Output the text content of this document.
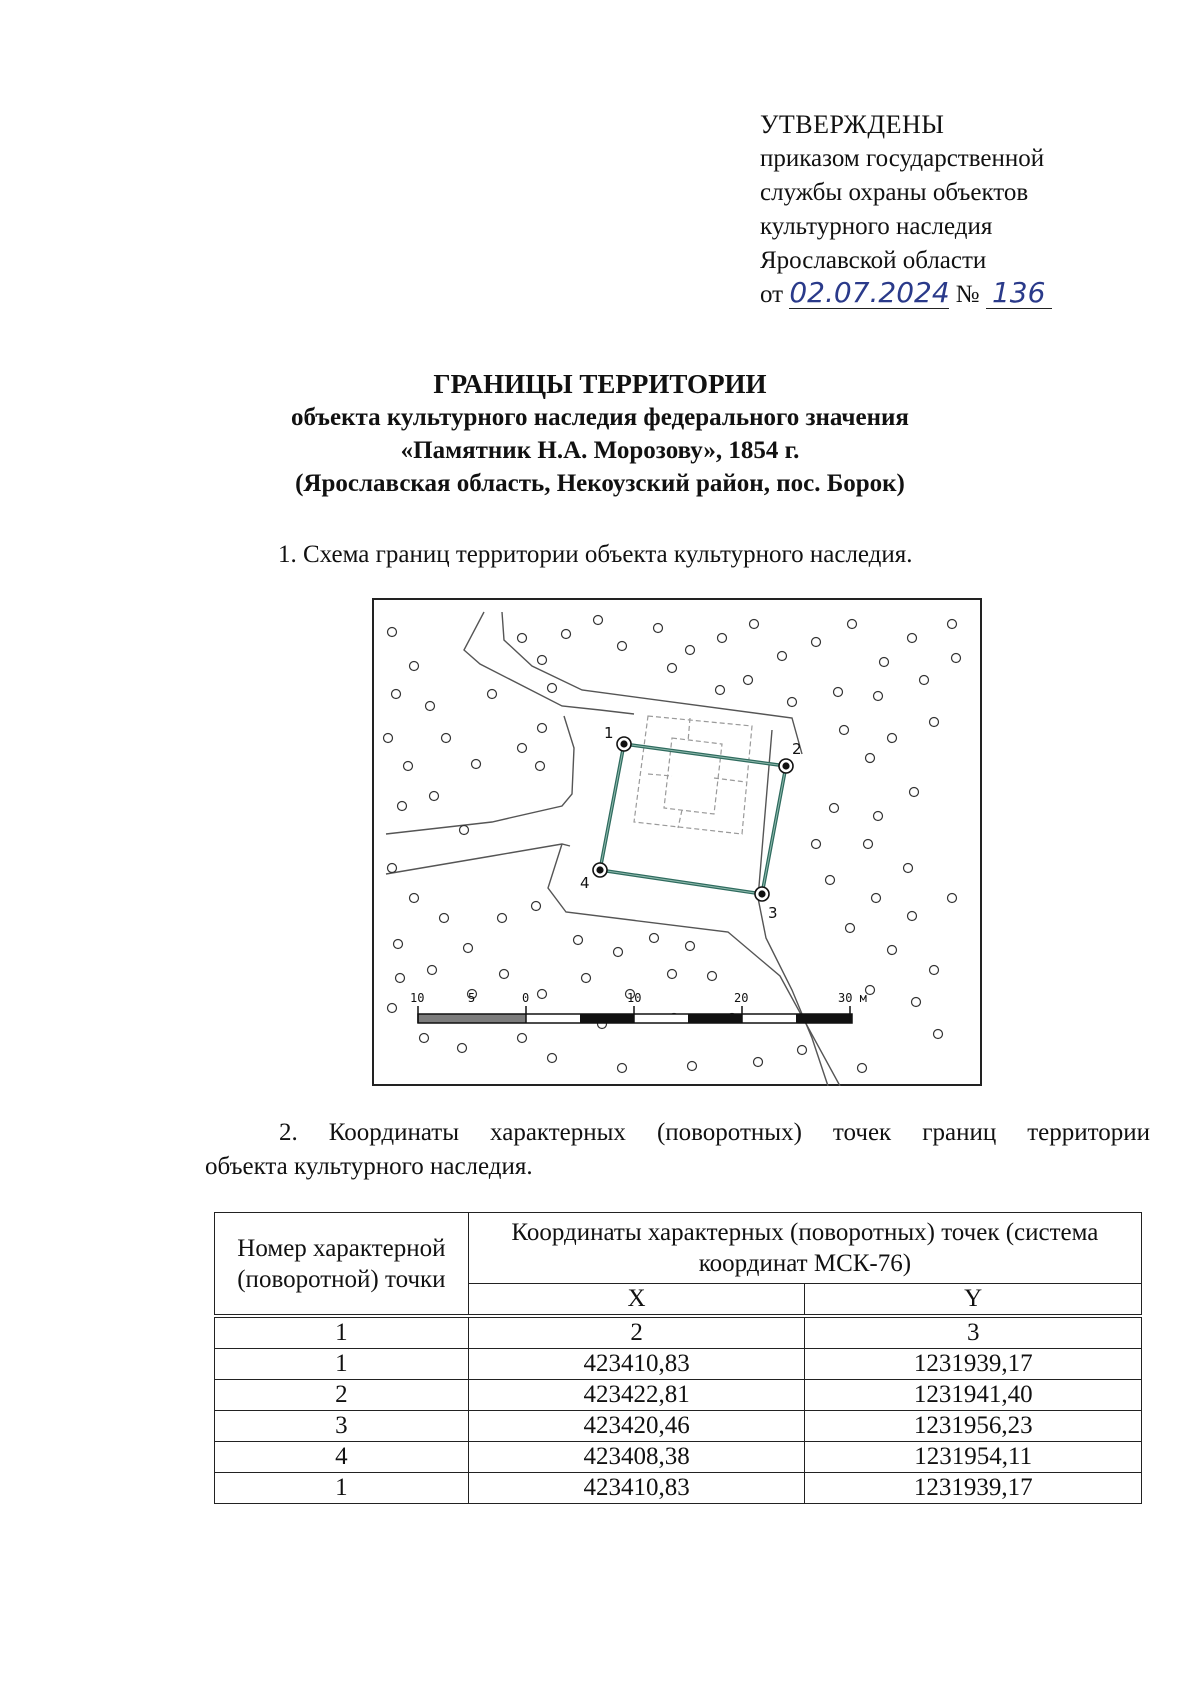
УТВЕРЖДЕНЫ
приказом государственной
службы охраны объектов
культурного наследия
Ярославской области
от 02.07.2024 № 136
ГРАНИЦЫ ТЕРРИТОРИИ
объекта культурного наследия федерального значения
«Памятник Н.А. Морозову», 1854 г.
(Ярославская область, Некоузский район, пос. Борок)
1. Схема границ территории объекта культурного наследия.
1
2
3
4
10	5	0	10	20	30 м
2. Координаты характерных (поворотных) точек границ территории
объекта культурного наследия.
Номер характерной (поворотной) точки	Координаты характерных (поворотных) точек (система координат МСК-76)	
	X	Y

1	2	3
1	423410,83	1231939,17
2	423422,81	1231941,40
3	423420,46	1231956,23
4	423408,38	1231954,11
1	423410,83	1231939,17
